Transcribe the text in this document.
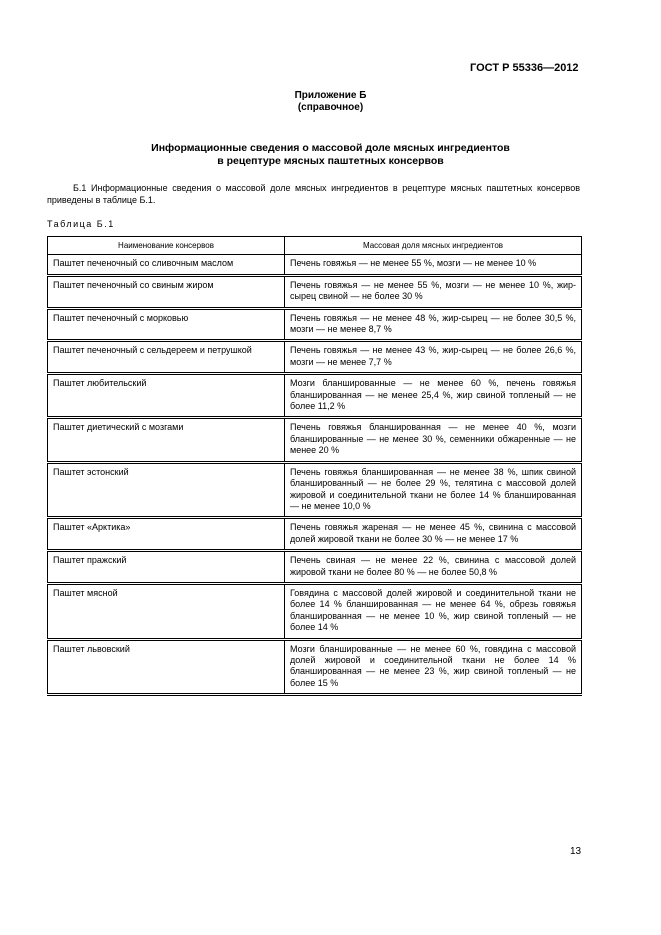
ГОСТ Р 55336—2012
Приложение Б
(справочное)
Информационные сведения о массовой доле мясных ингредиентов
в рецептуре мясных паштетных консервов
Б.1 Информационные сведения о массовой доле мясных ингредиентов в рецептуре мясных паштетных консервов приведены в таблице Б.1.
Таблица Б.1
Наименование консервов	Массовая доля мясных ингредиентов
Паштет печеночный со сливочным маслом	Печень говяжья — не менее 55 %, мозги — не менее 10 %
Паштет печеночный со свиным жиром	Печень говяжья — не менее 55 %, мозги — не менее 10 %, жир-сырец свиной — не более 30 %
Паштет печеночный с морковью	Печень говяжья — не менее 48 %, жир-сырец — не более 30,5 %, мозги — не менее 8,7 %
Паштет печеночный с сельдереем и петрушкой	Печень говяжья — не менее 43 %, жир-сырец — не более 26,6 %, мозги — не менее 7,7 %
Паштет любительский	Мозги бланшированные — не менее 60 %, печень говяжья бланшированная — не менее 25,4 %, жир свиной топленый — не более 11,2 %
Паштет диетический с мозгами	Печень говяжья бланшированная — не менее 40 %, мозги бланшированные — не менее 30 %, семенники обжаренные — не менее 20 %
Паштет эстонский	Печень говяжья бланшированная — не менее 38 %, шпик свиной бланшированный — не более 29 %, телятина с массовой долей жировой и соединительной ткани не более 14 % бланшированная — не менее 10,0 %
Паштет «Арктика»	Печень говяжья жареная — не менее 45 %, свинина с массовой долей жировой ткани не более 30 % — не менее 17 %
Паштет пражский	Печень свиная — не менее 22 %, свинина с массовой долей жировой ткани не более 80 % — не более 50,8 %
Паштет мясной	Говядина с массовой долей жировой и соединительной ткани не более 14 % бланшированная — не менее 64 %, обрезь говяжья бланшированная — не менее 10 %, жир свиной топленый — не более 14 %
Паштет львовский	Мозги бланшированные — не менее 60 %, говядина с массовой долей жировой и соединительной ткани не более 14 % бланшированная — не менее 23 %, жир свиной топленый — не более 15 %
13
